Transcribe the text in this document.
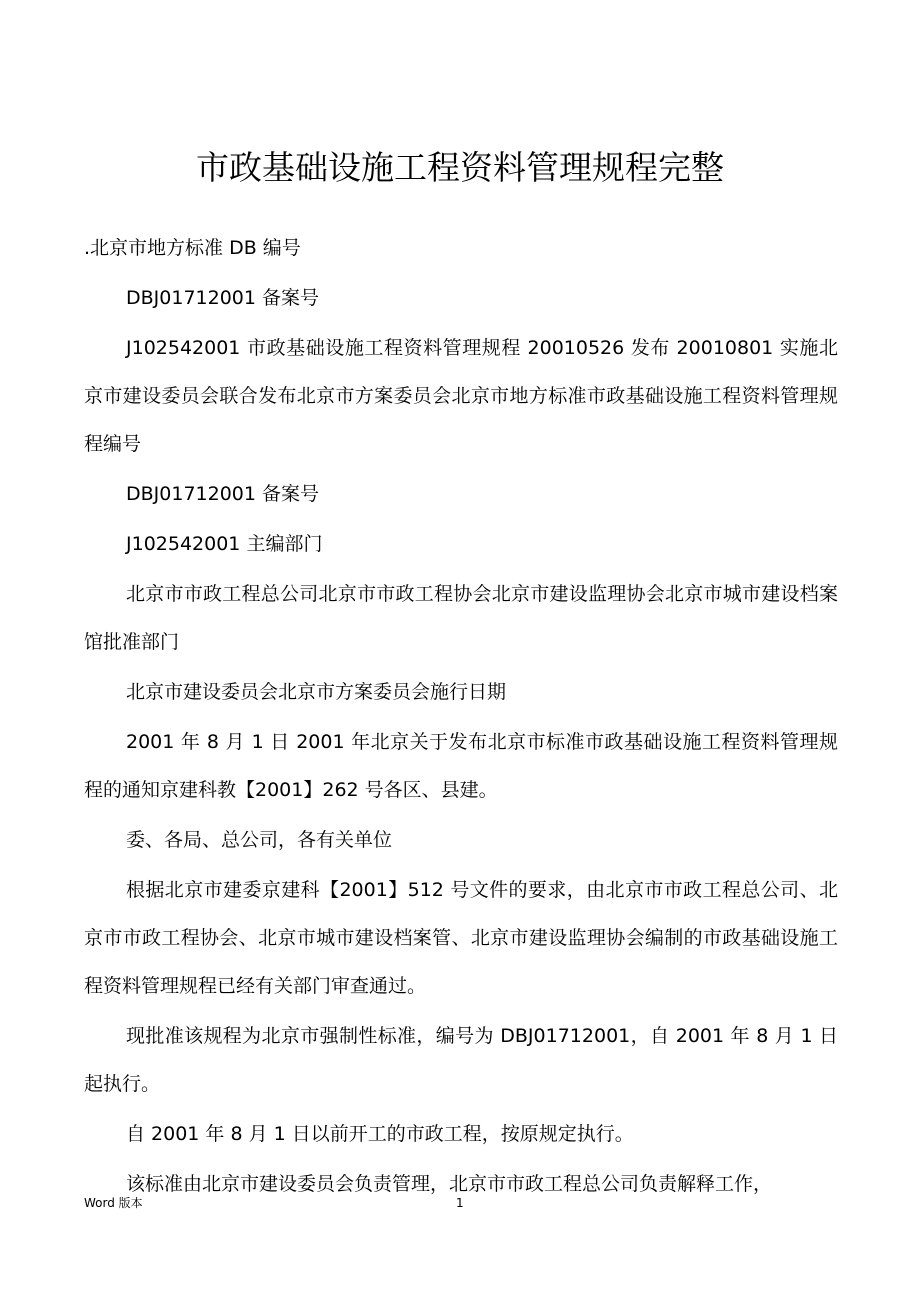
市政基础设施工程资料管理规程完整

.北京市地方标准 DB 编号

DBJ01712001 备案号

J102542001 市政基础设施工程资料管理规程 20010526 发布 20010801 实施北京市建设委员会联合发布北京市方案委员会北京市地方标准市政基础设施工程资料管理规程编号

DBJ01712001 备案号

J102542001 主编部门

北京市市政工程总公司北京市市政工程协会北京市建设监理协会北京市城市建设档案馆批准部门

北京市建设委员会北京市方案委员会施行日期

2001 年 8 月 1 日 2001 年北京关于发布北京市标准市政基础设施工程资料管理规程的通知京建科教【2001】262 号各区、县建。

委、各局、总公司，各有关单位

根据北京市建委京建科【2001】512 号文件的要求，由北京市市政工程总公司、北京市市政工程协会、北京市城市建设档案管、北京市建设监理协会编制的市政基础设施工程资料管理规程已经有关部门审查通过。

现批准该规程为北京市强制性标准，编号为 DBJ01712001，自 2001 年 8 月 1 日起执行。

自 2001 年 8 月 1 日以前开工的市政工程，按原规定执行。

该标准由北京市建设委员会负责管理，北京市市政工程总公司负责解释工作，

Word 版本	1
